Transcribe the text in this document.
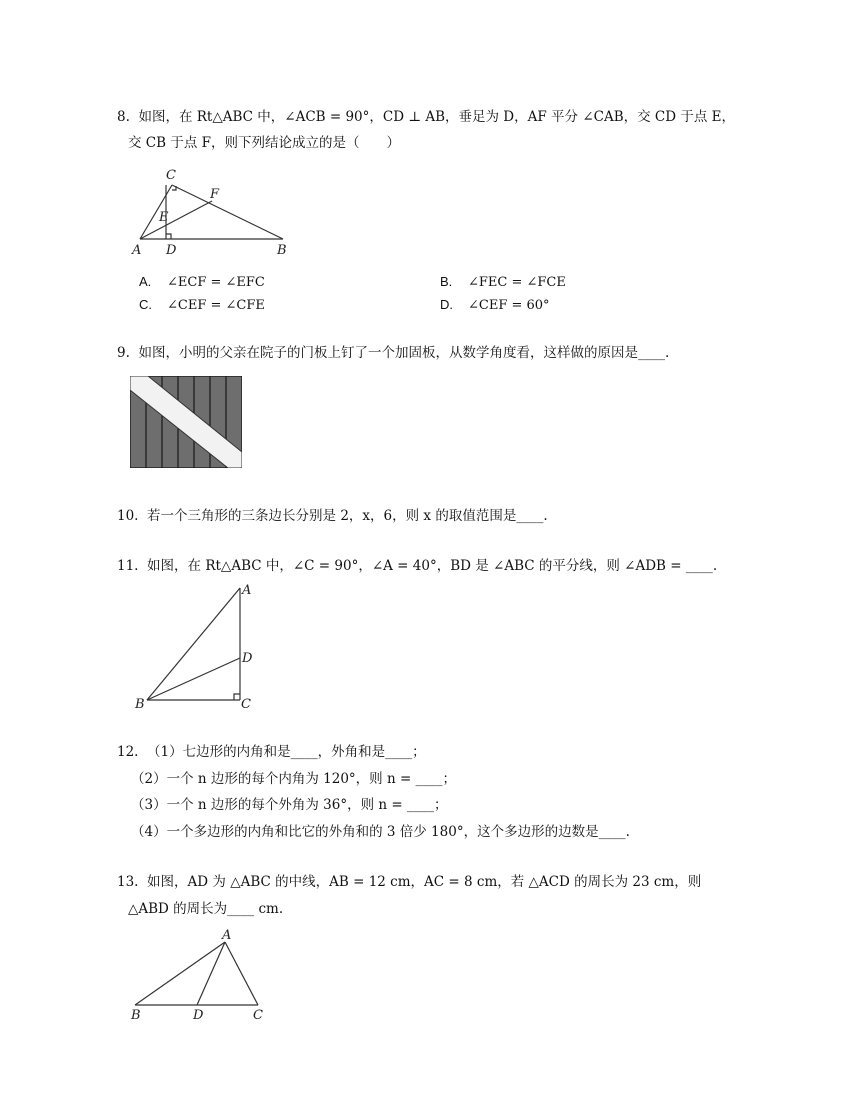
8.  如图，在 Rt△ABC 中，∠ACB = 90°，CD ⊥ AB，垂足为 D，AF 平分 ∠CAB，交 CD 于点 E，
交 CB 于点 F，则下列结论成立的是（　　）
C
F
E
A D	B
A. ∠ECF = ∠EFC	B. ∠FEC = ∠FCE
C. ∠CEF = ∠CFE	D. ∠CEF = 60°
9.  如图，小明的父亲在院子的门板上钉了一个加固板，从数学角度看，这样做的原因是____.
10.  若一个三角形的三条边长分别是 2，x，6，则 x 的取值范围是____.
11.  如图，在 Rt△ABC 中，∠C = 90°，∠A = 40°，BD 是 ∠ABC 的平分线，则 ∠ADB = ____.
A
D
B	C
12.  （1）七边形的内角和是____，外角和是____；
（2）一个 n 边形的每个内角为 120°，则 n = ____；
（3）一个 n 边形的每个外角为 36°，则 n = ____；
（4）一个多边形的内角和比它的外角和的 3 倍少 180°，这个多边形的边数是____.
13.  如图，AD 为 △ABC 的中线，AB = 12 cm，AC = 8 cm，若 △ACD 的周长为 23 cm，则
△ABD 的周长为____ cm.
A
B	D	C
